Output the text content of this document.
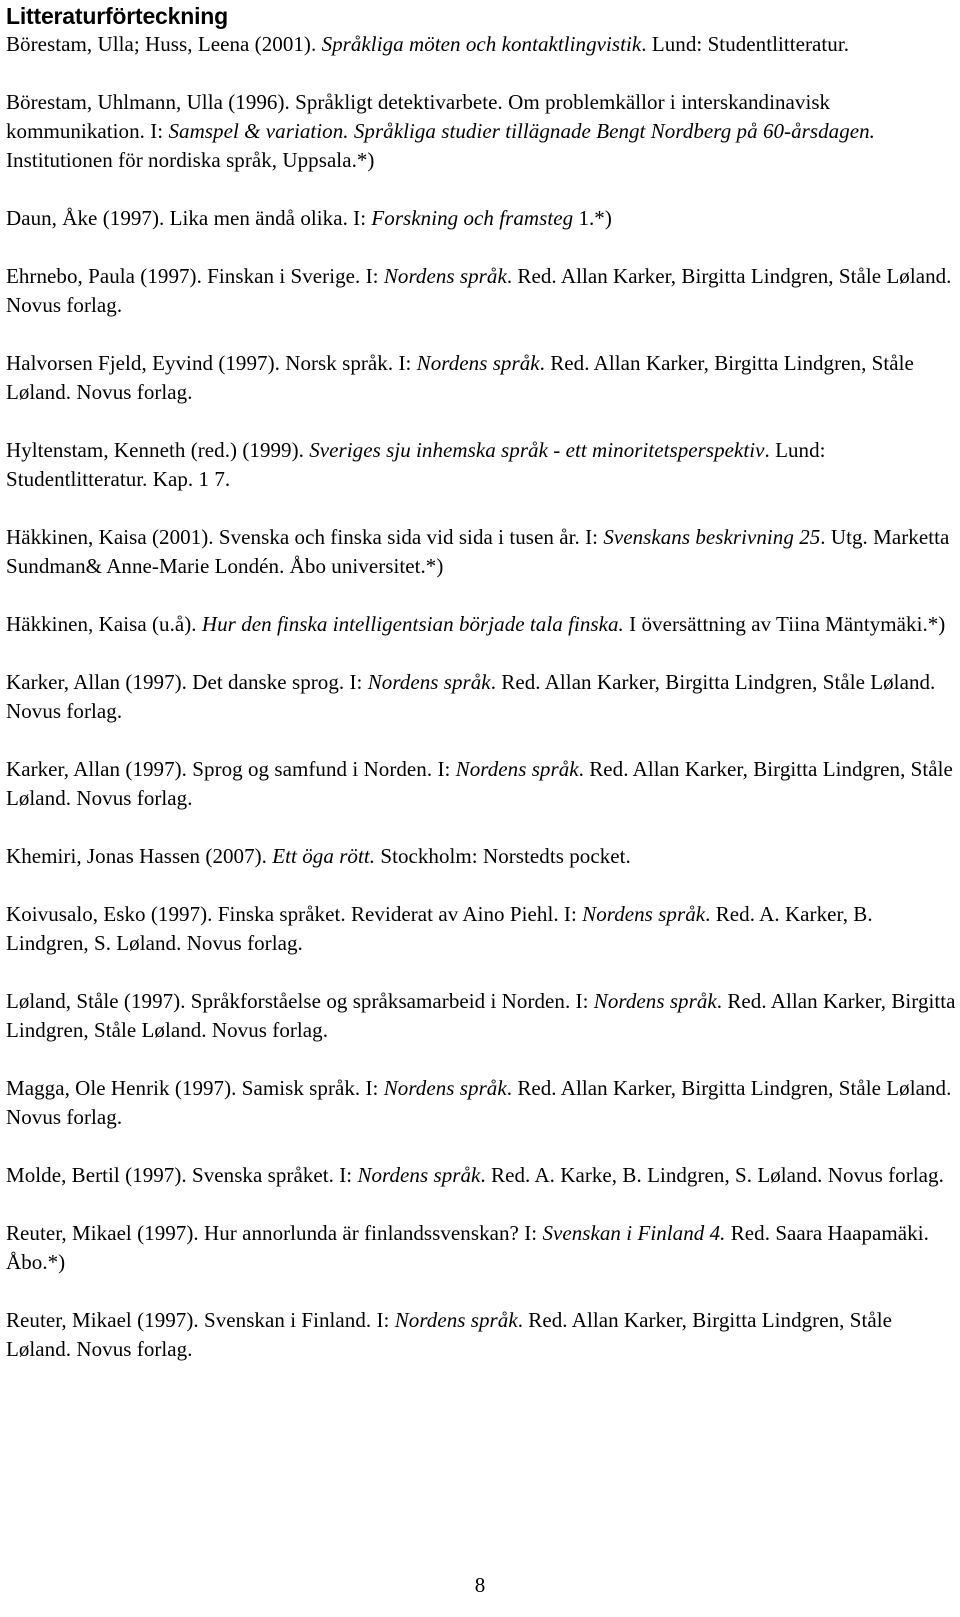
Litteraturförteckning

Börestam, Ulla; Huss, Leena (2001). Språkliga möten och kontaktlingvistik. Lund: Studentlitteratur.

Börestam, Uhlmann, Ulla (1996). Språkligt detektivarbete. Om problemkällor i interskandinavisk kommunikation. I: Samspel & variation. Språkliga studier tillägnade Bengt Nordberg på 60-årsdagen. Institutionen för nordiska språk, Uppsala.*)

Daun, Åke (1997). Lika men ändå olika. I: Forskning och framsteg 1.*)

Ehrnebo, Paula (1997). Finskan i Sverige. I: Nordens språk. Red. Allan Karker, Birgitta Lindgren, Ståle Løland. Novus forlag.

Halvorsen Fjeld, Eyvind (1997). Norsk språk. I: Nordens språk. Red. Allan Karker, Birgitta Lindgren, Ståle Løland. Novus forlag.

Hyltenstam, Kenneth (red.) (1999). Sveriges sju inhemska språk - ett minoritetsperspektiv. Lund: Studentlitteratur. Kap. 1 7.

Häkkinen, Kaisa (2001). Svenska och finska sida vid sida i tusen år. I: Svenskans beskrivning 25. Utg. Marketta Sundman& Anne-Marie Londén. Åbo universitet.*)

Häkkinen, Kaisa (u.å). Hur den finska intelligentsian började tala finska. I översättning av Tiina Mäntymäki.*)

Karker, Allan (1997). Det danske sprog. I: Nordens språk. Red. Allan Karker, Birgitta Lindgren, Ståle Løland. Novus forlag.

Karker, Allan (1997). Sprog og samfund i Norden. I: Nordens språk. Red. Allan Karker, Birgitta Lindgren, Ståle Løland. Novus forlag.

Khemiri, Jonas Hassen (2007). Ett öga rött. Stockholm: Norstedts pocket.

Koivusalo, Esko (1997). Finska språket. Reviderat av Aino Piehl. I: Nordens språk. Red. A. Karker, B. Lindgren, S. Løland. Novus forlag.

Løland, Ståle (1997). Språkforståelse og språksamarbeid i Norden. I: Nordens språk. Red. Allan Karker, Birgitta Lindgren, Ståle Løland. Novus forlag.

Magga, Ole Henrik (1997). Samisk språk. I: Nordens språk. Red. Allan Karker, Birgitta Lindgren, Ståle Løland. Novus forlag.

Molde, Bertil (1997). Svenska språket. I: Nordens språk. Red. A. Karke, B. Lindgren, S. Løland. Novus forlag.

Reuter, Mikael (1997). Hur annorlunda är finlandssvenskan? I: Svenskan i Finland 4. Red. Saara Haapamäki. Åbo.*)

Reuter, Mikael (1997). Svenskan i Finland. I: Nordens språk. Red. Allan Karker, Birgitta Lindgren, Ståle Løland. Novus forlag.

8
